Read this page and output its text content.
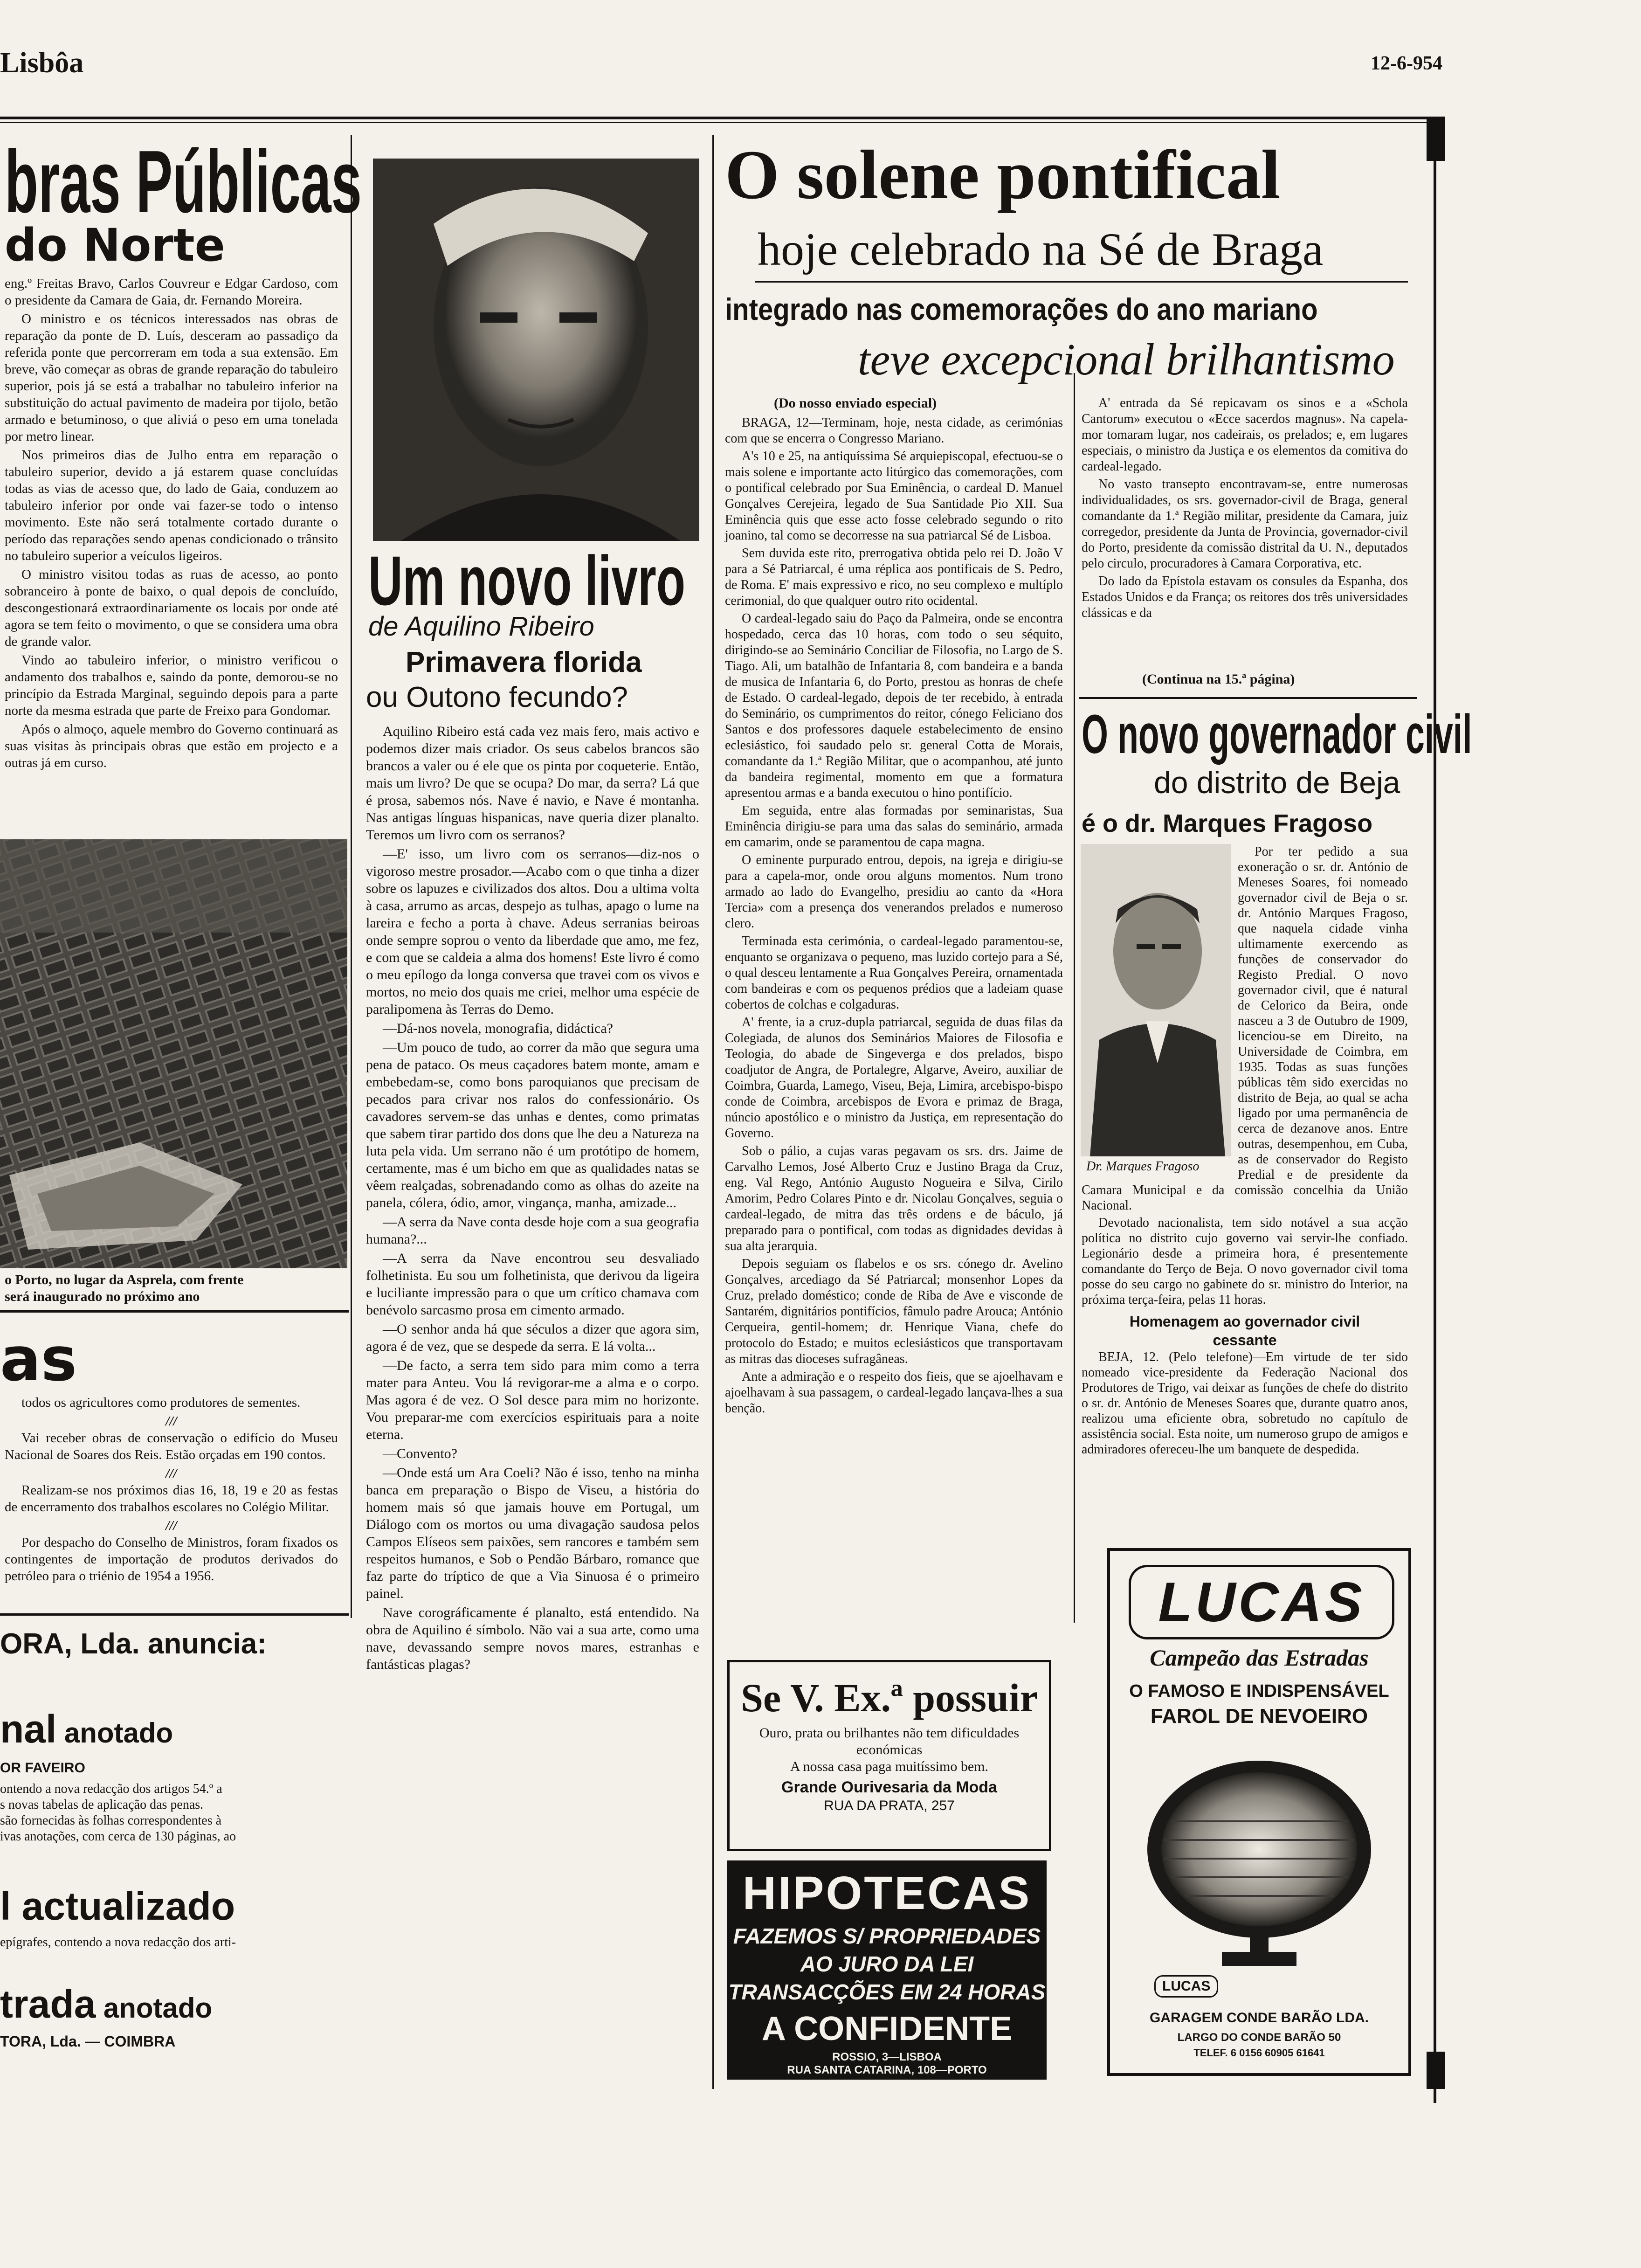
Lisbôa	12-6-954
bras Públicas
do Norte

eng.º Freitas Bravo, Carlos Couvreur e Edgar Cardoso, com o presidente da Camara de Gaia, dr. Fernando Moreira.

O ministro e os técnicos interessados nas obras de reparação da ponte de D. Luís, desceram ao passadiço da referida ponte que percorreram em toda a sua extensão. Em breve, vão começar as obras de grande reparação do tabuleiro superior, pois já se está a trabalhar no tabuleiro inferior na substituição do actual pavimento de madeira por tijolo, betão armado e betuminoso, o que aliviá o peso em uma tonelada por metro linear.

Nos primeiros dias de Julho entra em reparação o tabuleiro superior, devido a já estarem quase concluídas todas as vias de acesso que, do lado de Gaia, conduzem ao tabuleiro inferior por onde vai fazer-se todo o intenso movimento. Este não será totalmente cortado durante o período das reparações sendo apenas condicionado o trânsito no tabuleiro superior a veículos ligeiros.

O ministro visitou todas as ruas de acesso, ao ponto sobranceiro à ponte de baixo, o qual depois de concluído, descongestionará extraordinariamente os locais por onde até agora se tem feito o movimento, o que se considera uma obra de grande valor.

Vindo ao tabuleiro inferior, o ministro verificou o andamento dos trabalhos e, saindo da ponte, demorou-se no princípio da Estrada Marginal, seguindo depois para a parte norte da mesma estrada que parte de Freixo para Gondomar.

Após o almoço, aquele membro do Governo continuará as suas visitas às principais obras que estão em projecto e a outras já em curso.

o Porto, no lugar da Asprela, com frente
será inaugurado no próximo ano
as

todos os agricultores como produtores de sementes.

///

Vai receber obras de conservação o edifício do Museu Nacional de Soares dos Reis. Estão orçadas em 190 contos.

///

Realizam-se nos próximos dias 16, 18, 19 e 20 as festas de encerramento dos trabalhos escolares no Colégio Militar.

///

Por despacho do Conselho de Ministros, foram fixados os contingentes de importação de produtos derivados do petróleo para o triénio de 1954 a 1956.

ORA, Lda. anuncia:
nal anotado
OR FAVEIRO
ontendo a nova redacção dos artigos 54.º a
s novas tabelas de aplicação das penas.
são fornecidas às folhas correspondentes à
ivas anotações, com cerca de 130 páginas, ao
l actualizado
epígrafes, contendo a nova redacção dos arti-
trada anotado
TORA, Lda. — COIMBRA
Um novo livro
de Aquilino Ribeiro
Primavera florida
ou Outono fecundo?

Aquilino Ribeiro está cada vez mais fero, mais activo e podemos dizer mais criador. Os seus cabelos brancos são brancos a valer ou é ele que os pinta por coqueterie. Então, mais um livro? De que se ocupa? Do mar, da serra? Lá que é prosa, sabemos nós. Nave é navio, e Nave é montanha. Nas antigas línguas hispanicas, nave queria dizer planalto. Teremos um livro com os serranos?

—E' isso, um livro com os serranos—diz-nos o vigoroso mestre prosador.—Acabo com o que tinha a dizer sobre os lapuzes e civilizados dos altos. Dou a ultima volta à casa, arrumo as arcas, despejo as tulhas, apago o lume na lareira e fecho a porta à chave. Adeus serranias beiroas onde sempre soprou o vento da liberdade que amo, me fez, e com que se caldeia a alma dos homens! Este livro é como o meu epílogo da longa conversa que travei com os vivos e mortos, no meio dos quais me criei, melhor uma espécie de paralipomena às Terras do Demo.

—Dá-nos novela, monografia, didáctica?

—Um pouco de tudo, ao correr da mão que segura uma pena de pataco. Os meus caçadores batem monte, amam e embebedam-se, como bons paroquianos que precisam de pecados para crivar nos ralos do confessionário. Os cavadores servem-se das unhas e dentes, como primatas que sabem tirar partido dos dons que lhe deu a Natureza na luta pela vida. Um serrano não é um protótipo de homem, certamente, mas é um bicho em que as qualidades natas se vêem realçadas, sobrenadando como as olhas do azeite na panela, cólera, ódio, amor, vingança, manha, amizade...

—A serra da Nave conta desde hoje com a sua geografia humana?...

—A serra da Nave encontrou seu desvaliado folhetinista. Eu sou um folhetinista, que derivou da ligeira e luciliante impressão para o que um crítico chamava com benévolo sarcasmo prosa em cimento armado.

—O senhor anda há que séculos a dizer que agora sim, agora é de vez, que se despede da serra. E lá volta...

—De facto, a serra tem sido para mim como a terra mater para Anteu. Vou lá revigorar-me a alma e o corpo. Mas agora é de vez. O Sol desce para mim no horizonte. Vou preparar-me com exercícios espirituais para a noite eterna.

—Convento?

—Onde está um Ara Coeli? Não é isso, tenho na minha banca em preparação o Bispo de Viseu, a história do homem mais só que jamais houve em Portugal, um Diálogo com os mortos ou uma divagação saudosa pelos Campos Elíseos sem paixões, sem rancores e também sem respeitos humanos, e Sob o Pendão Bárbaro, romance que faz parte do tríptico de que a Via Sinuosa é o primeiro painel.

Nave corográficamente é planalto, está entendido. Na obra de Aquilino é símbolo. Não vai a sua arte, como uma nave, devassando sempre novos mares, estranhas e fantásticas plagas?

O solene pontifical
hoje celebrado na Sé de Braga
integrado nas comemorações do ano mariano
teve excepcional brilhantismo
(Do nosso enviado especial)

BRAGA, 12—Terminam, hoje, nesta cidade, as cerimónias com que se encerra o Congresso Mariano.

A's 10 e 25, na antiquíssima Sé arquiepiscopal, efectuou-se o mais solene e importante acto litúrgico das comemorações, com o pontifical celebrado por Sua Eminência, o cardeal D. Manuel Gonçalves Cerejeira, legado de Sua Santidade Pio XII. Sua Eminência quis que esse acto fosse celebrado segundo o rito joanino, tal como se decorresse na sua patriarcal Sé de Lisboa.

Sem duvida este rito, prerrogativa obtida pelo rei D. João V para a Sé Patriarcal, é uma réplica aos pontificais de S. Pedro, de Roma. E' mais expressivo e rico, no seu complexo e multíplo cerimonial, do que qualquer outro rito ocidental.

O cardeal-legado saiu do Paço da Palmeira, onde se encontra hospedado, cerca das 10 horas, com todo o seu séquito, dirigindo-se ao Seminário Conciliar de Filosofia, no Largo de S. Tiago. Ali, um batalhão de Infantaria 8, com bandeira e a banda de musica de Infantaria 6, do Porto, prestou as honras de chefe de Estado. O cardeal-legado, depois de ter recebido, à entrada do Seminário, os cumprimentos do reitor, cónego Feliciano dos Santos e dos professores daquele estabelecimento de ensino eclesiástico, foi saudado pelo sr. general Cotta de Morais, comandante da 1.ª Região Militar, que o acompanhou, até junto da bandeira regimental, momento em que a formatura apresentou armas e a banda executou o hino pontifício.

Em seguida, entre alas formadas por seminaristas, Sua Eminência dirigiu-se para uma das salas do seminário, armada em camarim, onde se paramentou de capa magna.

O eminente purpurado entrou, depois, na igreja e dirigiu-se para a capela-mor, onde orou alguns momentos. Num trono armado ao lado do Evangelho, presidiu ao canto da «Hora Tercia» com a presença dos venerandos prelados e numeroso clero.

Terminada esta cerimónia, o cardeal-legado paramentou-se, enquanto se organizava o pequeno, mas luzido cortejo para a Sé, o qual desceu lentamente a Rua Gonçalves Pereira, ornamentada com bandeiras e com os pequenos prédios que a ladeiam quase cobertos de colchas e colgaduras.

A' frente, ia a cruz-dupla patriarcal, seguida de duas filas da Colegiada, de alunos dos Seminários Maiores de Filosofia e Teologia, do abade de Singeverga e dos prelados, bispo coadjutor de Angra, de Portalegre, Algarve, Aveiro, auxiliar de Coimbra, Guarda, Lamego, Viseu, Beja, Limira, arcebispo-bispo conde de Coimbra, arcebispos de Evora e primaz de Braga, núncio apostólico e o ministro da Justiça, em representação do Governo.

Sob o pálio, a cujas varas pegavam os srs. drs. Jaime de Carvalho Lemos, José Alberto Cruz e Justino Braga da Cruz, eng. Val Rego, António Augusto Nogueira e Silva, Cirilo Amorim, Pedro Colares Pinto e dr. Nicolau Gonçalves, seguia o cardeal-legado, de mitra das três ordens e de báculo, já preparado para o pontifical, com todas as dignidades devidas à sua alta jerarquia.

Depois seguiam os flabelos e os srs. cónego dr. Avelino Gonçalves, arcediago da Sé Patriarcal; monsenhor Lopes da Cruz, prelado doméstico; conde de Riba de Ave e visconde de Santarém, dignitários pontifícios, fâmulo padre Arouca; António Cerqueira, gentil-homem; dr. Henrique Viana, chefe do protocolo do Estado; e muitos eclesiásticos que transportavam as mitras das dioceses sufragâneas.

Ante a admiração e o respeito dos fieis, que se ajoelhavam e ajoelhavam à sua passagem, o cardeal-legado lançava-lhes a sua benção.

A' entrada da Sé repicavam os sinos e a «Schola Cantorum» executou o «Ecce sacerdos magnus». Na capela-mor tomaram lugar, nos cadeirais, os prelados; e, em lugares especiais, o ministro da Justiça e os elementos da comitiva do cardeal-legado.

No vasto transepto encontravam-se, entre numerosas individualidades, os srs. governador-civil de Braga, general comandante da 1.ª Região militar, presidente da Camara, juiz corregedor, presidente da Junta de Provincia, governador-civil do Porto, presidente da comissão distrital da U. N., deputados pelo circulo, procuradores à Camara Corporativa, etc.

Do lado da Epístola estavam os consules da Espanha, dos Estados Unidos e da França; os reitores dos três universidades clássicas e da

(Continua na 15.ª página)
O novo governador civil
do distrito de Beja
é o dr. Marques Fragoso
Dr. Marques Fragoso

Por ter pedido a sua exoneração o sr. dr. António de Meneses Soares, foi nomeado governador civil de Beja o sr. dr. António Marques Fragoso, que naquela cidade vinha ultimamente exercendo as funções de conservador do Registo Predial. O novo governador civil, que é natural de Celorico da Beira, onde nasceu a 3 de Outubro de 1909, licenciou-se em Direito, na Universidade de Coimbra, em 1935. Todas as suas funções públicas têm sido exercidas no distrito de Beja, ao qual se acha ligado por uma permanência de cerca de dezanove anos. Entre outras, desempenhou, em Cuba, as de conservador do Registo Predial e de presidente da Camara Municipal e da comissão concelhia da União Nacional.

Devotado nacionalista, tem sido notável a sua acção política no distrito cujo governo vai servir-lhe confiado. Legionário desde a primeira hora, é presentemente comandante do Terço de Beja. O novo governador civil toma posse do seu cargo no gabinete do sr. ministro do Interior, na próxima terça-feira, pelas 11 horas.

Homenagem ao governador civil
cessante

BEJA, 12. (Pelo telefone)—Em virtude de ter sido nomeado vice-presidente da Federação Nacional dos Produtores de Trigo, vai deixar as funções de chefe do distrito o sr. dr. António de Meneses Soares que, durante quatro anos, realizou uma eficiente obra, sobretudo no capítulo de assistência social. Esta noite, um numeroso grupo de amigos e admiradores ofereceu-lhe um banquete de despedida.

Se V. Ex.ª possuir
Ouro, prata ou brilhantes não tem dificuldades económicas
A nossa casa paga muitíssimo bem.
Grande Ourivesaria da Moda
RUA DA PRATA, 257
HIPOTECAS
FAZEMOS S/ PROPRIEDADES
AO JURO DA LEI
TRANSACÇÕES EM 24 HORAS
A CONFIDENTE
ROSSIO, 3—LISBOA
RUA SANTA CATARINA, 108—PORTO
LUCAS
Campeão das Estradas
O FAMOSO E INDISPENSÁVEL
FAROL DE NEVOEIRO
LUCAS
GARAGEM CONDE BARÃO LDA.
LARGO DO CONDE BARÃO 50
TELEF. 6 0156 60905 61641
